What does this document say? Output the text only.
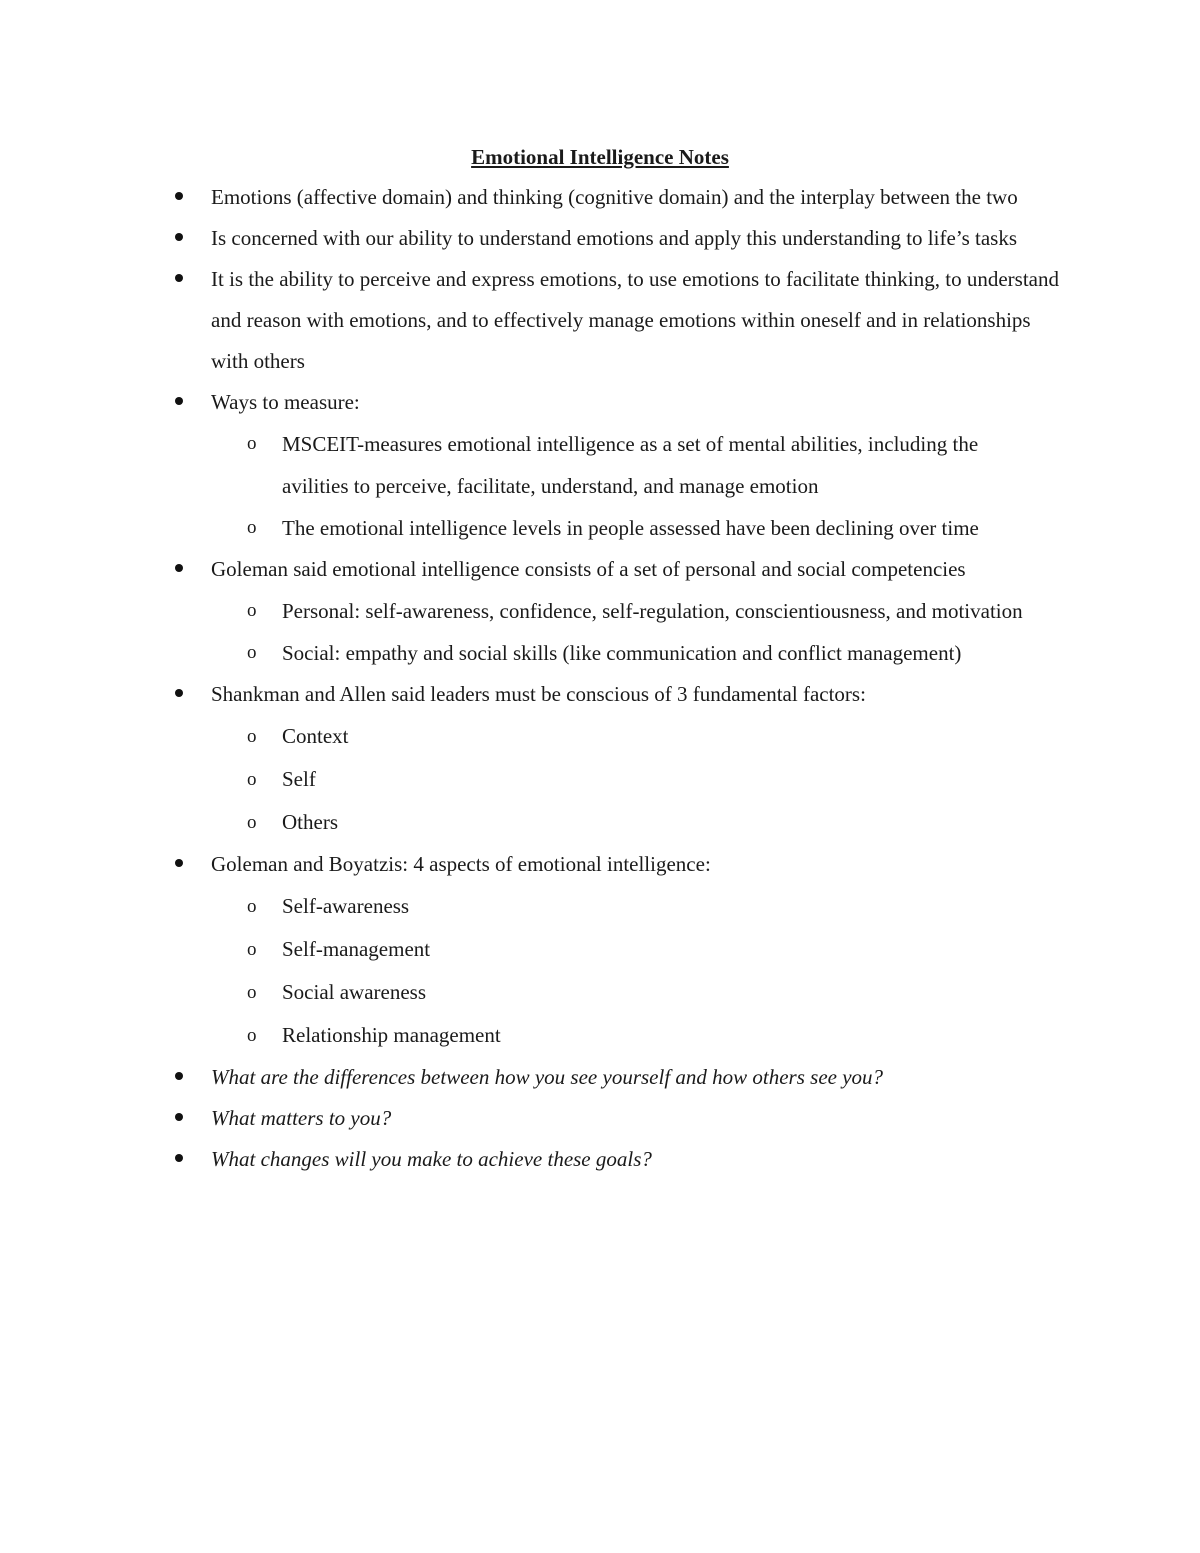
Emotional Intelligence Notes
Emotions (affective domain) and thinking (cognitive domain) and the interplay between the two
Is concerned with our ability to understand emotions and apply this understanding to life’s tasks
It is the ability to perceive and express emotions, to use emotions to facilitate thinking, to understand and reason with emotions, and to effectively manage emotions within oneself and in relationships with others
Ways to measure:
o MSCEIT-measures emotional intelligence as a set of mental abilities, including the avilities to perceive, facilitate, understand, and manage emotion
o The emotional intelligence levels in people assessed have been declining over time
Goleman said emotional intelligence consists of a set of personal and social competencies
o Personal: self-awareness, confidence, self-regulation, conscientiousness, and motivation
o Social: empathy and social skills (like communication and conflict management)
Shankman and Allen said leaders must be conscious of 3 fundamental factors:
o Context
o Self
o Others
Goleman and Boyatzis: 4 aspects of emotional intelligence:
o Self-awareness
o Self-management
o Social awareness
o Relationship management
What are the differences between how you see yourself and how others see you?
What matters to you?
What changes will you make to achieve these goals?
